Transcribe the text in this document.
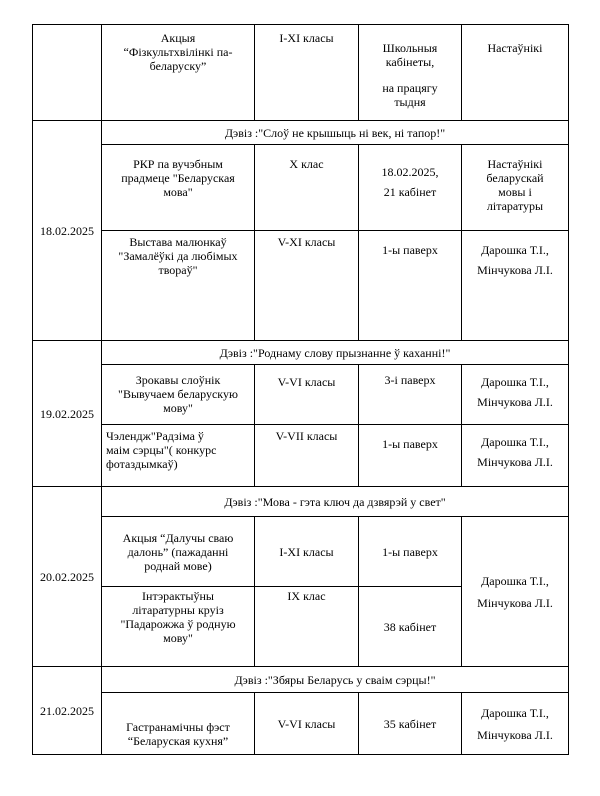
	Акцыя
“Фізкультхвілінкі па-
беларуску”	І-ХІ класы	Школьныя
кабінеты,
на працягу
тыдня	Настаўнікі

18.02.2025	Дэвіз :"Слоў не крышыць ні век, ні тапор!"			

	РКР па вучэбным
прадмеце "Беларуская
мова"	Х клас	18.02.2025,
21 кабінет	Настаўнікі
беларускай
мовы і
літаратуры

	Выстава малюнкаў
"Замалёўкі да любімых
твораў"	V-ХІ класы	1-ы паверх	Дарошка Т.І.,
Мінчукова Л.І.

19.02.2025	Дэвіз :"Роднаму слову прызнанне ў каханні!"			

	Зрокавы слоўнік
"Вывучаем беларускую
мову"	V-VI класы	3-і паверх	Дарошка Т.І.,
Мінчукова Л.І.

	Чэлендж"Радзіма ў
маім сэрцы"( конкурс
фотаздымкаў)	V-VІІ класы	1-ы паверх	Дарошка Т.І.,
Мінчукова Л.І.

20.02.2025	Дэвіз :"Мова - гэта ключ да дзвярэй у свет"			

	Акцыя “Далучы сваю
далонь” (пажаданні
роднай мове)	І-ХІ класы	1-ы паверх	Дарошка Т.І.,
Мінчукова Л.І.

	Інтэрактыўны
літаратурны круіз
"Падарожжа ў родную
мову"	ІХ клас	38 кабінет	

21.02.2025	Дэвіз :"Збяры Беларусь у сваім сэрцы!"			

	Гастранамічны фэст
“Беларуская кухня”	V-VI класы	35 кабінет	Дарошка Т.І.,
Мінчукова Л.І.
